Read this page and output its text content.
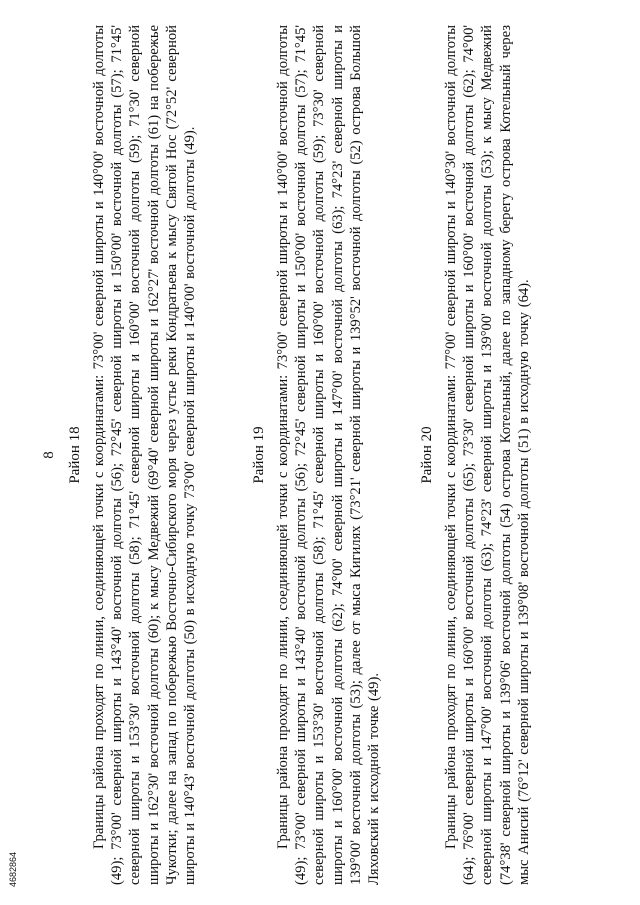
8 Район 18 Границы района проходят по линии, соединяющей точки с координатами: 73°00' северной широты и 140°00' восточной долготы (49); 73°00' северной широты и 143°40' восточной долготы (56); 72°45' северной широты и 150°00' восточной долготы (57); 71°45' северной широты и 153°30' восточной долготы (58); 71°45' северной широты и 160°00' восточной долготы (59); 71°30' северной широты и 162°30' восточной долготы (60); к мысу Медвежий (69°40' северной широты и 162°27' восточной долготы (61) на побережье Чукотки; далее на запад по побережью Восточно-Сибирского моря через устье реки Кондратьева к мысу Святой Нос (72°52' северной широты и 140°43' восточной долготы (50) в исходную точку 73°00' северной широты и 140°00' восточной долготы (49).	Район 19 Границы района проходят по линии, соединяющей точки с координатами: 73°00' северной широты и 140°00' восточной долготы (49); 73°00' северной широты и 143°40' восточной долготы (56); 72°45' северной широты и 150°00' восточной долготы (57); 71°45' северной широты и 153°30' восточной долготы (58); 71°45' северной широты и 160°00' восточной долготы (59); 73°30' северной широты и 160°00' восточной долготы (62); 74°00' северной широты и 147°00' восточной долготы (63); 74°23' северной широты и 139°00' восточной долготы (53); далее от мыса Кигилях (73°21' северной широты и 139°52' восточной долготы (52) острова Большой Ляховский к исходной точке (49).

Район 20 Границы района проходят по линии, соединяющей точки с координатами: 77°00' северной широты и 140°30' восточной долготы (64); 76°00' северной широты и 160°00' восточной долготы (65); 73°30' северной широты и 160°00' восточной долготы (62); 74°00' северной широты и 147°00' восточной долготы (63); 74°23' северной широты и 139°00' восточной долготы (53); к мысу Медвежий (74°38' северной широты и 139°06' восточной долготы (54) острова Котельный, далее по западному берегу острова Котельный через мыс Анисий (76°12' северной широты и 139°08' восточной долготы (51) в исходную точку (64).

4682864
